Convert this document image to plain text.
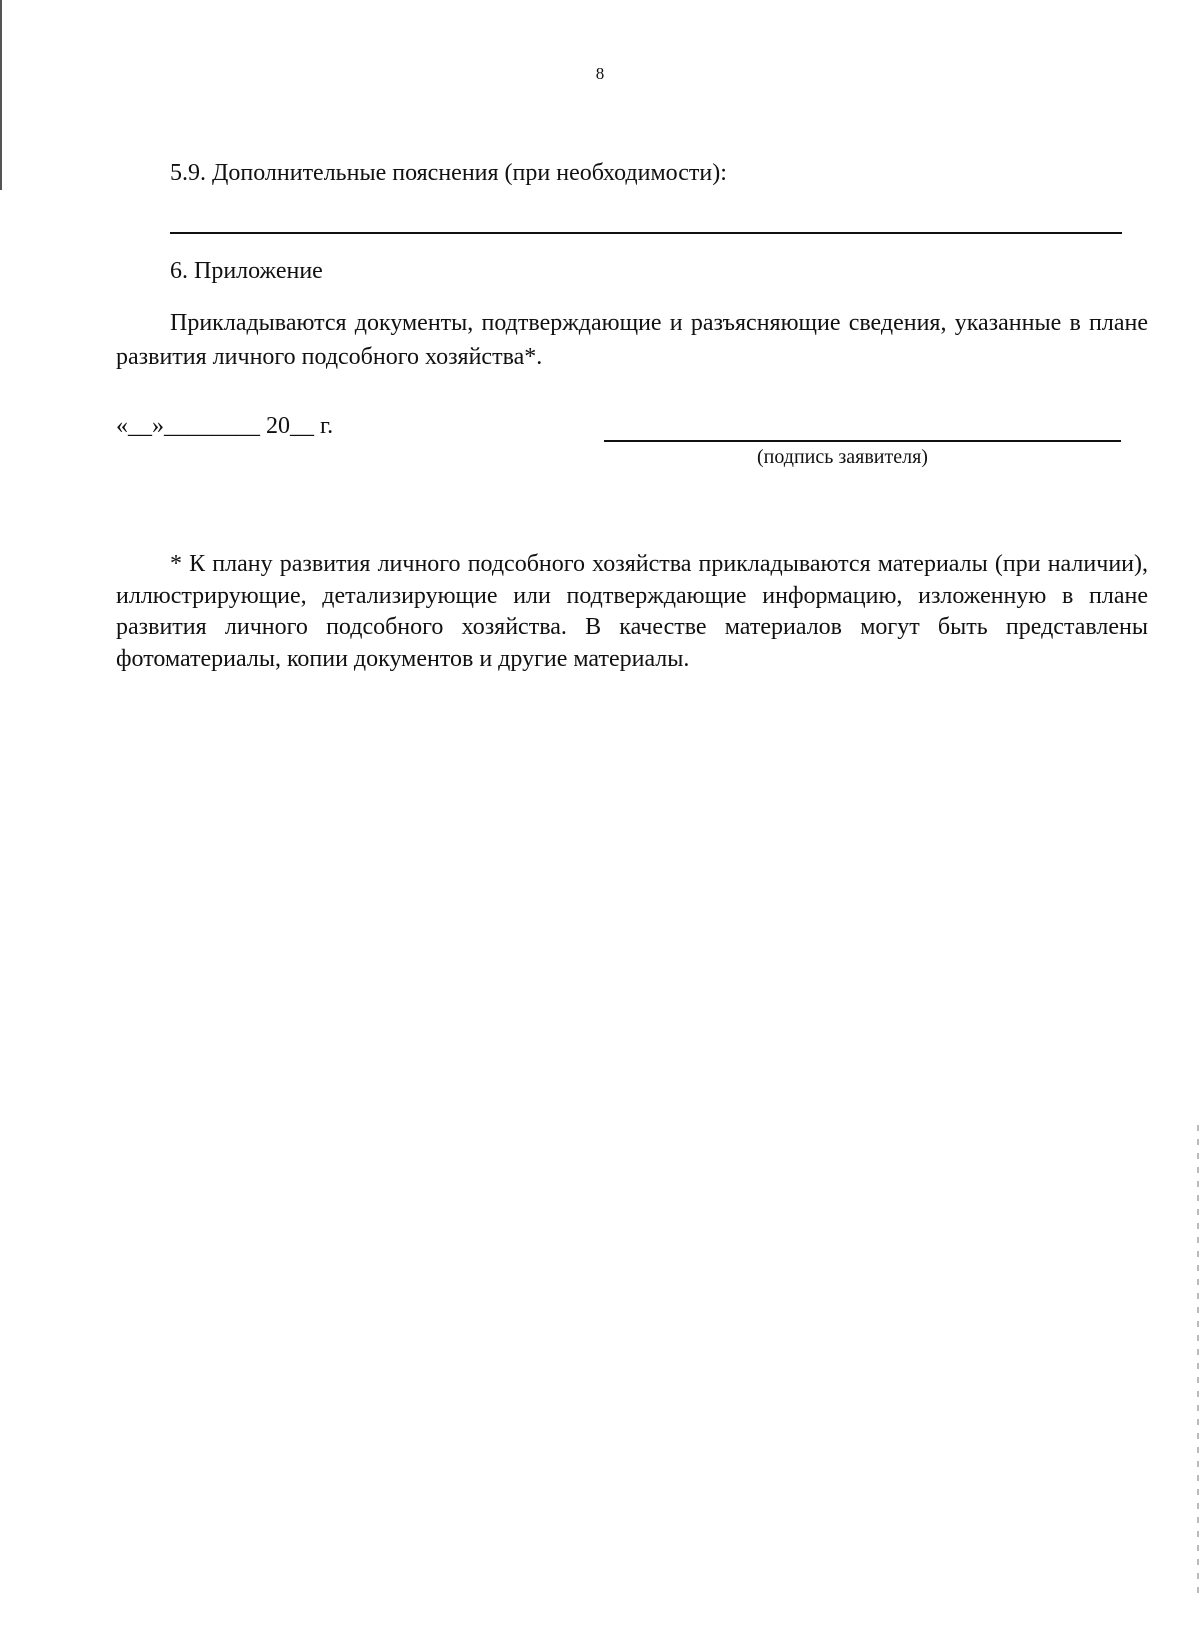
8
5.9. Дополнительные пояснения (при необходимости):
6. Приложение
Прикладываются документы, подтверждающие и разъясняющие сведения, указанные в плане развития личного подсобного хозяйства*.
«__»________ 20__ г.
(подпись заявителя)
* К плану развития личного подсобного хозяйства прикладываются материалы (при наличии), иллюстрирующие, детализирующие или подтверждающие информацию, изложенную в плане развития личного подсобного хозяйства. В качестве материалов могут быть представлены фотоматериалы, копии документов и другие материалы.
